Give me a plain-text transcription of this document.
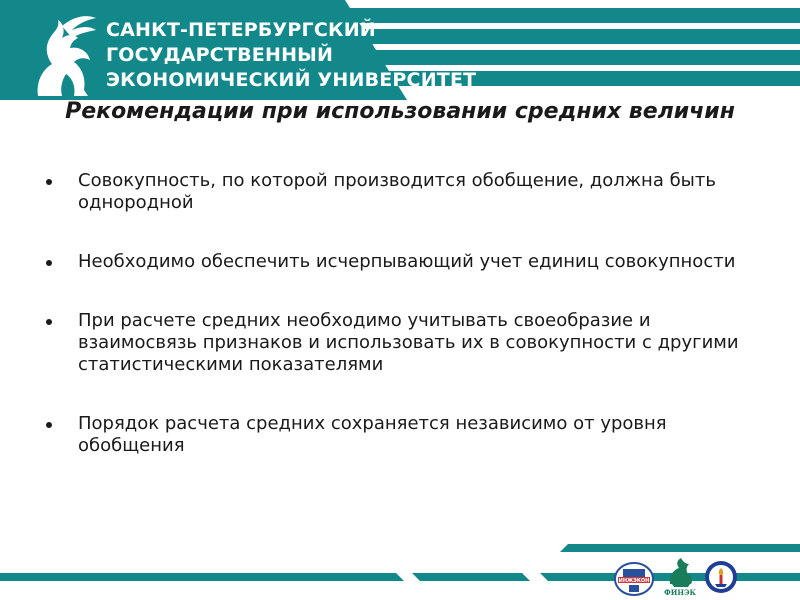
САНКТ-ПЕТЕРБУРГСКИЙ
ГОСУДАРСТВЕННЫЙ
ЭКОНОМИЧЕСКИЙ УНИВЕРСИТЕТ
Рекомендации при использовании средних величин
Совокупность, по которой производится обобщение, должна быть однородной
Необходимо обеспечить исчерпывающий учет единиц совокупности
При расчете средних необходимо учитывать своеобразие и взаимосвязь признаков и использовать их в совокупности с другими статистическими показателями
Порядок расчета средних сохраняется независимо от уровня обобщения
ИНЖЭКОН
ФИНЭК
